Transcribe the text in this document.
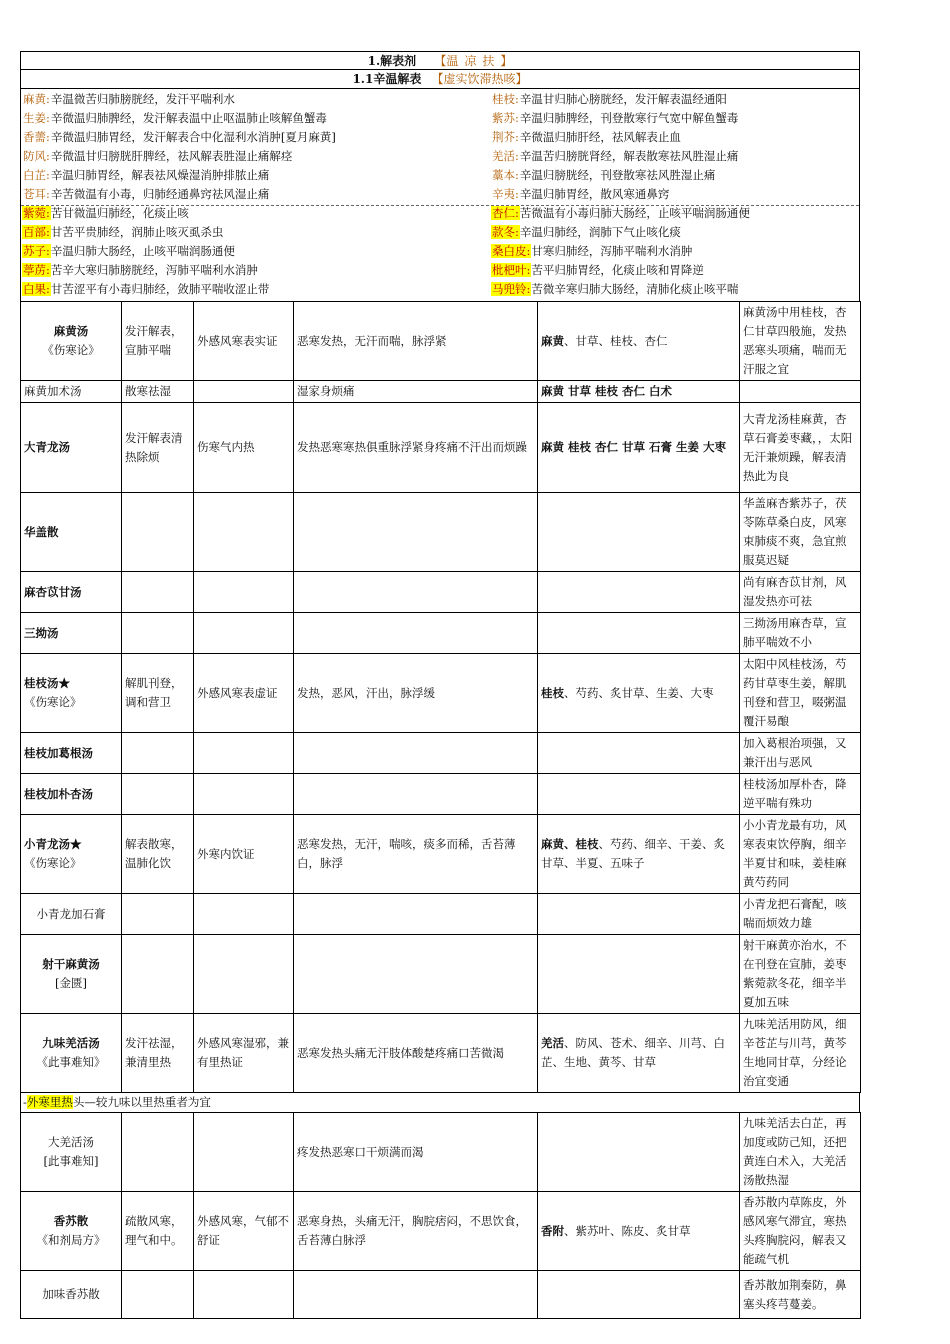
1.解表剂 【温凉扶】
1.1辛温解表 【虚实饮滞热咳】
麻黄:辛温微苦归肺膀胱经，发汗平喘利水
生姜:辛微温归肺脾经，发汗解表温中止呕温肺止咳解鱼蟹毒
香薷:辛微温归肺胃经，发汗解表合中化湿利水消肿[夏月麻黄]
防风:辛微温甘归膀胱肝脾经，祛风解表胜湿止痛解痉
白芷:辛温归肺胃经，解表祛风燥湿消肿排脓止痛
苍耳:辛苦微温有小毒，归肺经通鼻窍祛风湿止痛
紫菀:苦甘微温归肺经，化痰止咳
百部:甘苦平贵肺经，润肺止咳灭虱杀虫
苏子:辛温归肺大肠经，止咳平喘润肠通便
葶苈:苦辛大寒归肺膀胱经，泻肺平喘利水消肿
白果:甘苦涩平有小毒归肺经，敛肺平喘收涩止带
桂枝:辛温甘归肺心膀胱经，发汗解表温经通阳
紫苏:辛温归肺脾经，刊登散寒行气宽中解鱼蟹毒
荆芥:辛微温归肺肝经，祛风解表止血
羌活:辛温苦归膀胱肾经，解表散寒祛风胜湿止痛
藁本:辛温归膀胱经，刊登散寒祛风胜湿止痛
辛夷:辛温归肺胃经，散风寒通鼻窍
杏仁:苦微温有小毒归肺大肠经，止咳平喘润肠通便
款冬:辛温归肺经，润肺下气止咳化痰
桑白皮:甘寒归肺经，泻肺平喘利水消肿
枇杷叶:苦平归肺胃经，化痰止咳和胃降逆
马兜铃:苦微辛寒归肺大肠经，清肺化痰止咳平喘
麻黄汤
《伤寒论》	发汗解表，宣肺平喘	外感风寒表实证	恶寒发热，无汗而喘，脉浮紧	麻黄、甘草、桂枝、杏仁	麻黄汤中用桂枝，杏仁甘草四般施，发热恶寒头项痛，喘而无汗服之宜

麻黄加术汤	散寒祛湿		湿家身烦痛	麻黄 甘草 桂枝 杏仁 白术	

大青龙汤	发汗解表清热除烦	伤寒气内热	发热恶寒寒热俱重脉浮紧身疼痛不汗出而烦躁	麻黄 桂枝 杏仁 甘草 石膏 生姜 大枣	大青龙汤桂麻黄，杏草石膏姜枣藏，，太阳无汗兼烦躁，解表清热此为良

华盖散					华盖麻杏紫苏子，茯苓陈草桑白皮，风寒束肺痰不爽，急宜煎服莫迟疑

麻杏苡甘汤					尚有麻杏苡甘剂，风湿发热亦可祛

三拗汤					三拗汤用麻杏草，宣肺平喘效不小

桂枝汤★
《伤寒论》	解肌刊登，调和营卫	外感风寒表虚证	发热，恶风，汗出，脉浮缓	桂枝、芍药、炙甘草、生姜、大枣	太阳中风桂枝汤，芍药甘草枣生姜，解肌刊登和营卫，啜粥温覆汗易酿

桂枝加葛根汤					加入葛根治项强，又兼汗出与恶风

桂枝加朴杏汤					桂枝汤加厚朴杏，降逆平喘有殊功

小青龙汤★
《伤寒论》	解表散寒，温肺化饮	外寒内饮证	恶寒发热，无汗，喘咳，痰多而稀，舌苔薄白，脉浮	麻黄、桂枝、芍药、细辛、干姜、炙甘草、半夏、五味子	小小青龙最有功，风寒表束饮停胸，细辛半夏甘和味，姜桂麻黄芍药同

小青龙加石膏					小青龙把石膏配，咳喘而烦效力雄

射干麻黄汤
[金匮]					射干麻黄亦治水，不在刊登在宣肺，姜枣紫菀款冬花，细辛半夏加五味

九味羌活汤
《此事难知》	发汗祛湿，兼清里热	外感风寒湿邪，兼有里热证	恶寒发热头痛无汗肢体酸楚疼痛口苦微渴	羌活、防风、苍术、细辛、川芎、白芷、生地、黄芩、甘草	九味羌活用防风，细辛苍芷与川芎，黄芩生地同甘草，分经论治宜变通
-外寒里热头—较九味以里热重者为宜
大羌活汤
[此事难知]			疼发热恶寒口干烦满而渴		九味羌活去白芷，再加度或防己知，还把黄连白术入，大羌活汤散热湿

香苏散
《和剂局方》	疏散风寒，理气和中。	外感风寒，气郁不舒证	恶寒身热，头痛无汗，胸脘痞闷，不思饮食，舌苔薄白脉浮	香附、紫苏叶、陈皮、炙甘草	香苏散内草陈皮，外感风寒气滞宜，寒热头疼胸脘闷，解表又能疏气机

加味香苏散					香苏散加荆秦防，鼻塞头疼芎蔓姜。
